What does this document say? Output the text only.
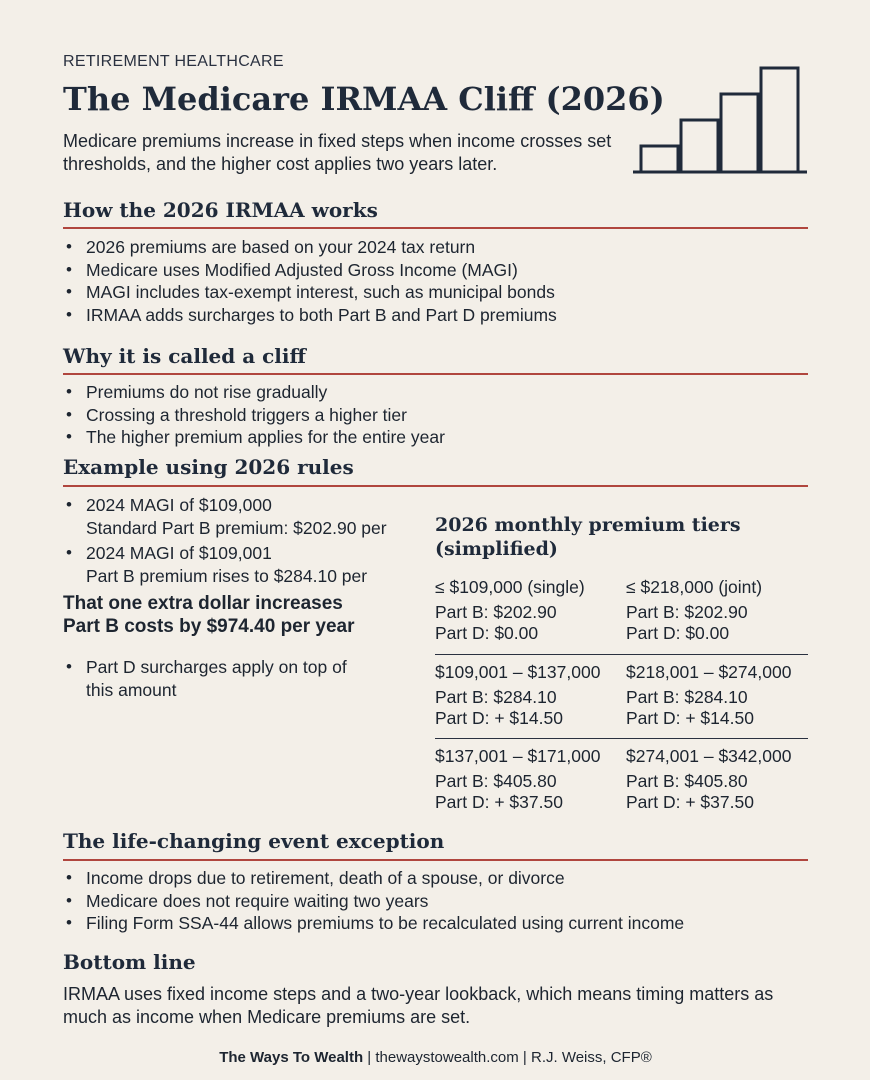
RETIREMENT HEALTHCARE
The Medicare IRMAA Cliff (2026)

Medicare premiums increase in fixed steps when income crosses set thresholds, and the higher cost applies two years later.

How the 2026 IRMAA works
• 2026 premiums are based on your 2024 tax return
• Medicare uses Modified Adjusted Gross Income (MAGI)
• MAGI includes tax-exempt interest, such as municipal bonds
• IRMAA adds surcharges to both Part B and Part D premiums
Why it is called a cliff
• Premiums do not rise gradually
• Crossing a threshold triggers a higher tier
• The higher premium applies for the entire year
Example using 2026 rules
• 2024 MAGI of $109,000
Standard Part B premium: $202.90 per
• 2024 MAGI of $109,001
Part B premium rises to $284.10 per

That one extra dollar increases
Part B costs by $974.40 per year

• Part D surcharges apply on top of
this amount
2026 monthly premium tiers
(simplified)
≤ $109,000 (single)
Part B: $202.90
Part D: $0.00
≤ $218,000 (joint)
Part B: $202.90
Part D: $0.00
$109,001 – $137,000
Part B: $284.10
Part D: + $14.50
$218,001 – $274,000
Part B: $284.10
Part D: + $14.50
$137,001 – $171,000
Part B: $405.80
Part D: + $37.50
$274,001 – $342,000
Part B: $405.80
Part D: + $37.50
The life-changing event exception
• Income drops due to retirement, death of a spouse, or divorce
• Medicare does not require waiting two years
• Filing Form SSA-44 allows premiums to be recalculated using current income
Bottom line

IRMAA uses fixed income steps and a two-year lookback, which means timing matters as much as income when Medicare premiums are set.

The Ways To Wealth | thewaystowealth.com | R.J. Weiss, CFP®
